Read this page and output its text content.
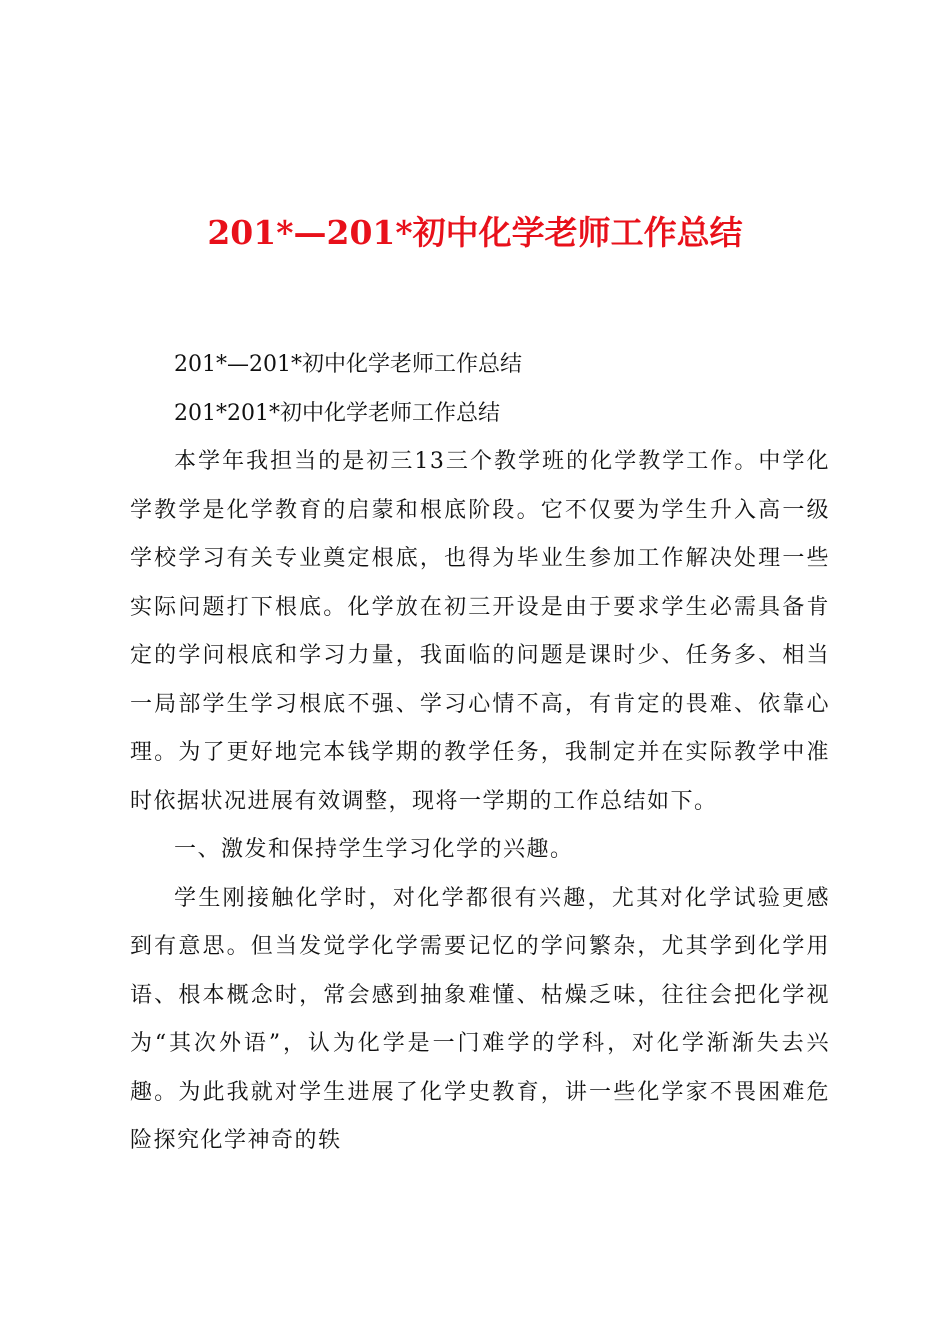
201*—201*初中化学老师工作总结

201*—201*初中化学老师工作总结

201*201*初中化学老师工作总结

本学年我担当的是初三13三个教学班的化学教学工作。中学化学教学是化学教育的启蒙和根底阶段。它不仅要为学生升入高一级学校学习有关专业奠定根底，也得为毕业生参加工作解决处理一些实际问题打下根底。化学放在初三开设是由于要求学生必需具备肯定的学问根底和学习力量，我面临的问题是课时少、任务多、相当一局部学生学习根底不强、学习心情不高，有肯定的畏难、依靠心理。为了更好地完本钱学期的教学任务，我制定并在实际教学中准时依据状况进展有效调整，现将一学期的工作总结如下。

一、激发和保持学生学习化学的兴趣。

学生刚接触化学时，对化学都很有兴趣，尤其对化学试验更感到有意思。但当发觉学化学需要记忆的学问繁杂，尤其学到化学用语、根本概念时，常会感到抽象难懂、枯燥乏味，往往会把化学视为“其次外语”，认为化学是一门难学的学科，对化学渐渐失去兴趣。为此我就对学生进展了化学史教育，讲一些化学家不畏困难危险探究化学神奇的轶
